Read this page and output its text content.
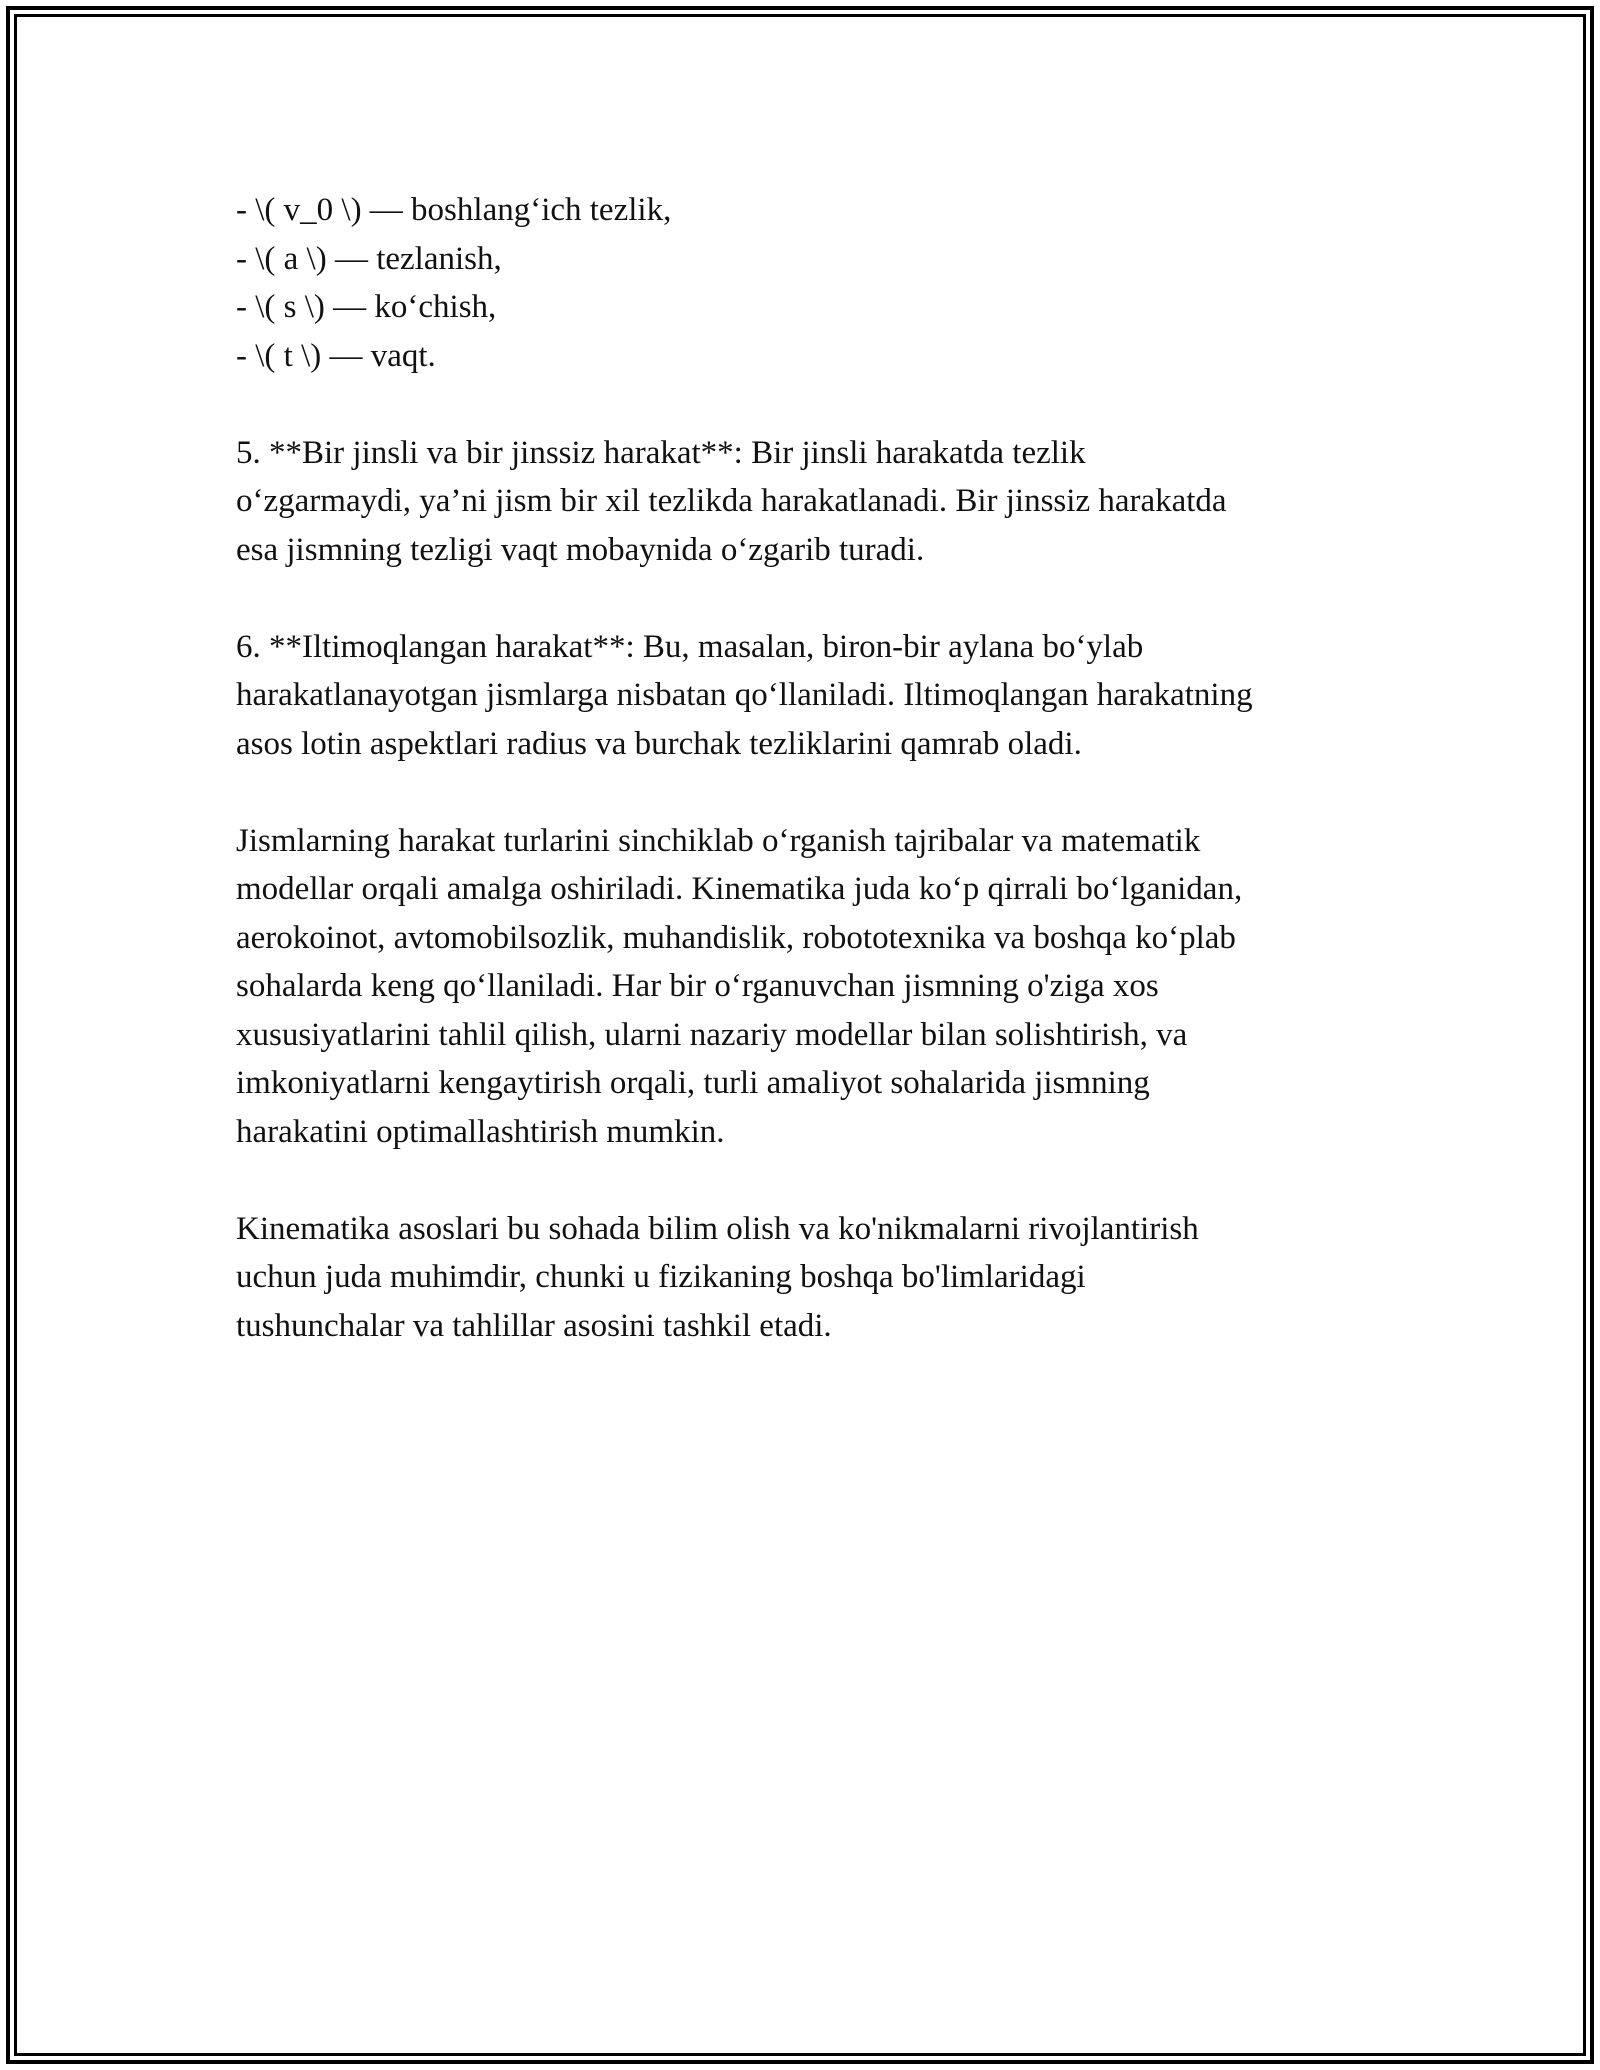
- \( v_0 \) — boshlang‘ich tezlik,
- \( a \) — tezlanish,
- \( s \) — ko‘chish,
- \( t \) — vaqt.
5. **Bir jinsli va bir jinssiz harakat**: Bir jinsli harakatda tezlik
o‘zgarmaydi, ya’ni jism bir xil tezlikda harakatlanadi. Bir jinssiz harakatda
esa jismning tezligi vaqt mobaynida o‘zgarib turadi.
6. **Iltimoqlangan harakat**: Bu, masalan, biron-bir aylana bo‘ylab
harakatlanayotgan jismlarga nisbatan qo‘llaniladi. Iltimoqlangan harakatning
asos lotin aspektlari radius va burchak tezliklarini qamrab oladi.
Jismlarning harakat turlarini sinchiklab o‘rganish tajribalar va matematik
modellar orqali amalga oshiriladi. Kinematika juda ko‘p qirrali bo‘lganidan,
aerokoinot, avtomobilsozlik, muhandislik, robototexnika va boshqa ko‘plab
sohalarda keng qo‘llaniladi. Har bir o‘rganuvchan jismning o'ziga xos
xususiyatlarini tahlil qilish, ularni nazariy modellar bilan solishtirish, va
imkoniyatlarni kengaytirish orqali, turli amaliyot sohalarida jismning
harakatini optimallashtirish mumkin.
Kinematika asoslari bu sohada bilim olish va ko'nikmalarni rivojlantirish
uchun juda muhimdir, chunki u fizikaning boshqa bo'limlaridagi
tushunchalar va tahlillar asosini tashkil etadi.
